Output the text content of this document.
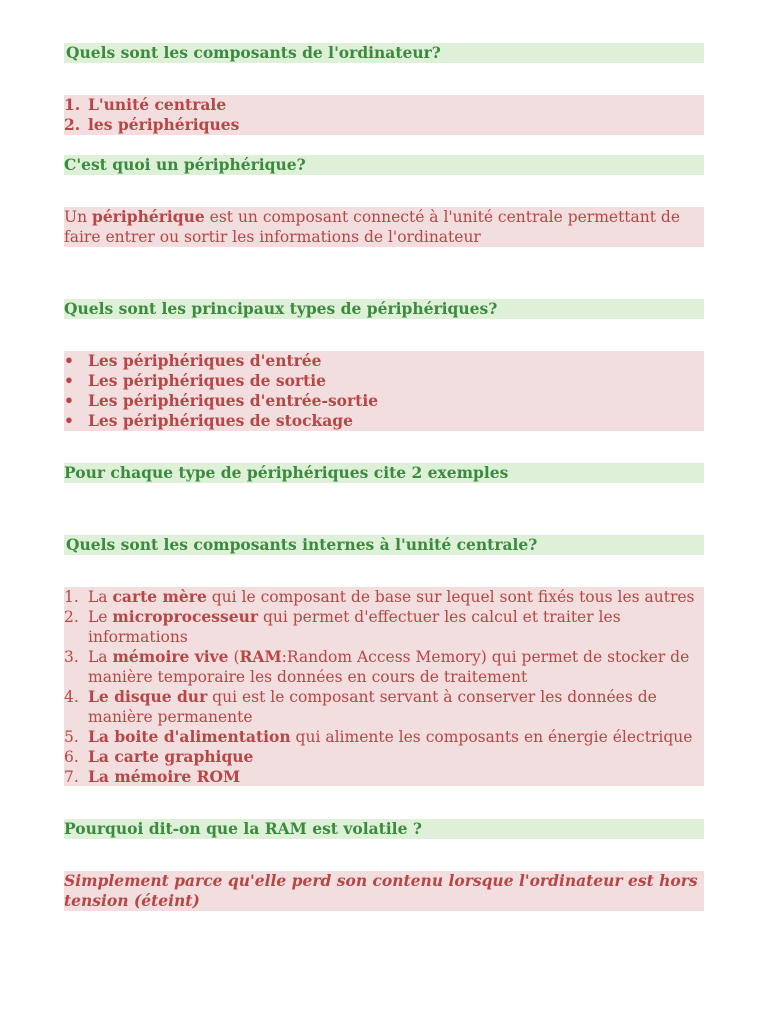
Quels sont les composants de l'ordinateur?
1. L'unité centrale
2. les périphériques
C'est quoi un périphérique?
Un périphérique est un composant connecté à l'unité centrale permettant de faire entrer ou sortir les informations de l'ordinateur
Quels sont les principaux types de périphériques?
• Les périphériques d'entrée
• Les périphériques de sortie
• Les périphériques d'entrée-sortie
• Les périphériques de stockage
Pour chaque type de périphériques cite 2 exemples
Quels sont les composants internes à l'unité centrale?
1. La carte mère qui le composant de base sur lequel sont fixés tous les autres
2. Le microprocesseur qui permet d'effectuer les calcul et traiter les informations
3. La mémoire vive (RAM:Random Access Memory) qui permet de stocker de manière temporaire les données en cours de traitement
4. Le disque dur qui est le composant servant à conserver les données de manière permanente
5. La boite d'alimentation qui alimente les composants en énergie électrique
6. La carte graphique
7. La mémoire ROM
Pourquoi dit-on que la RAM est volatile ?
Simplement parce qu'elle perd son contenu lorsque l'ordinateur est hors tension (éteint)
